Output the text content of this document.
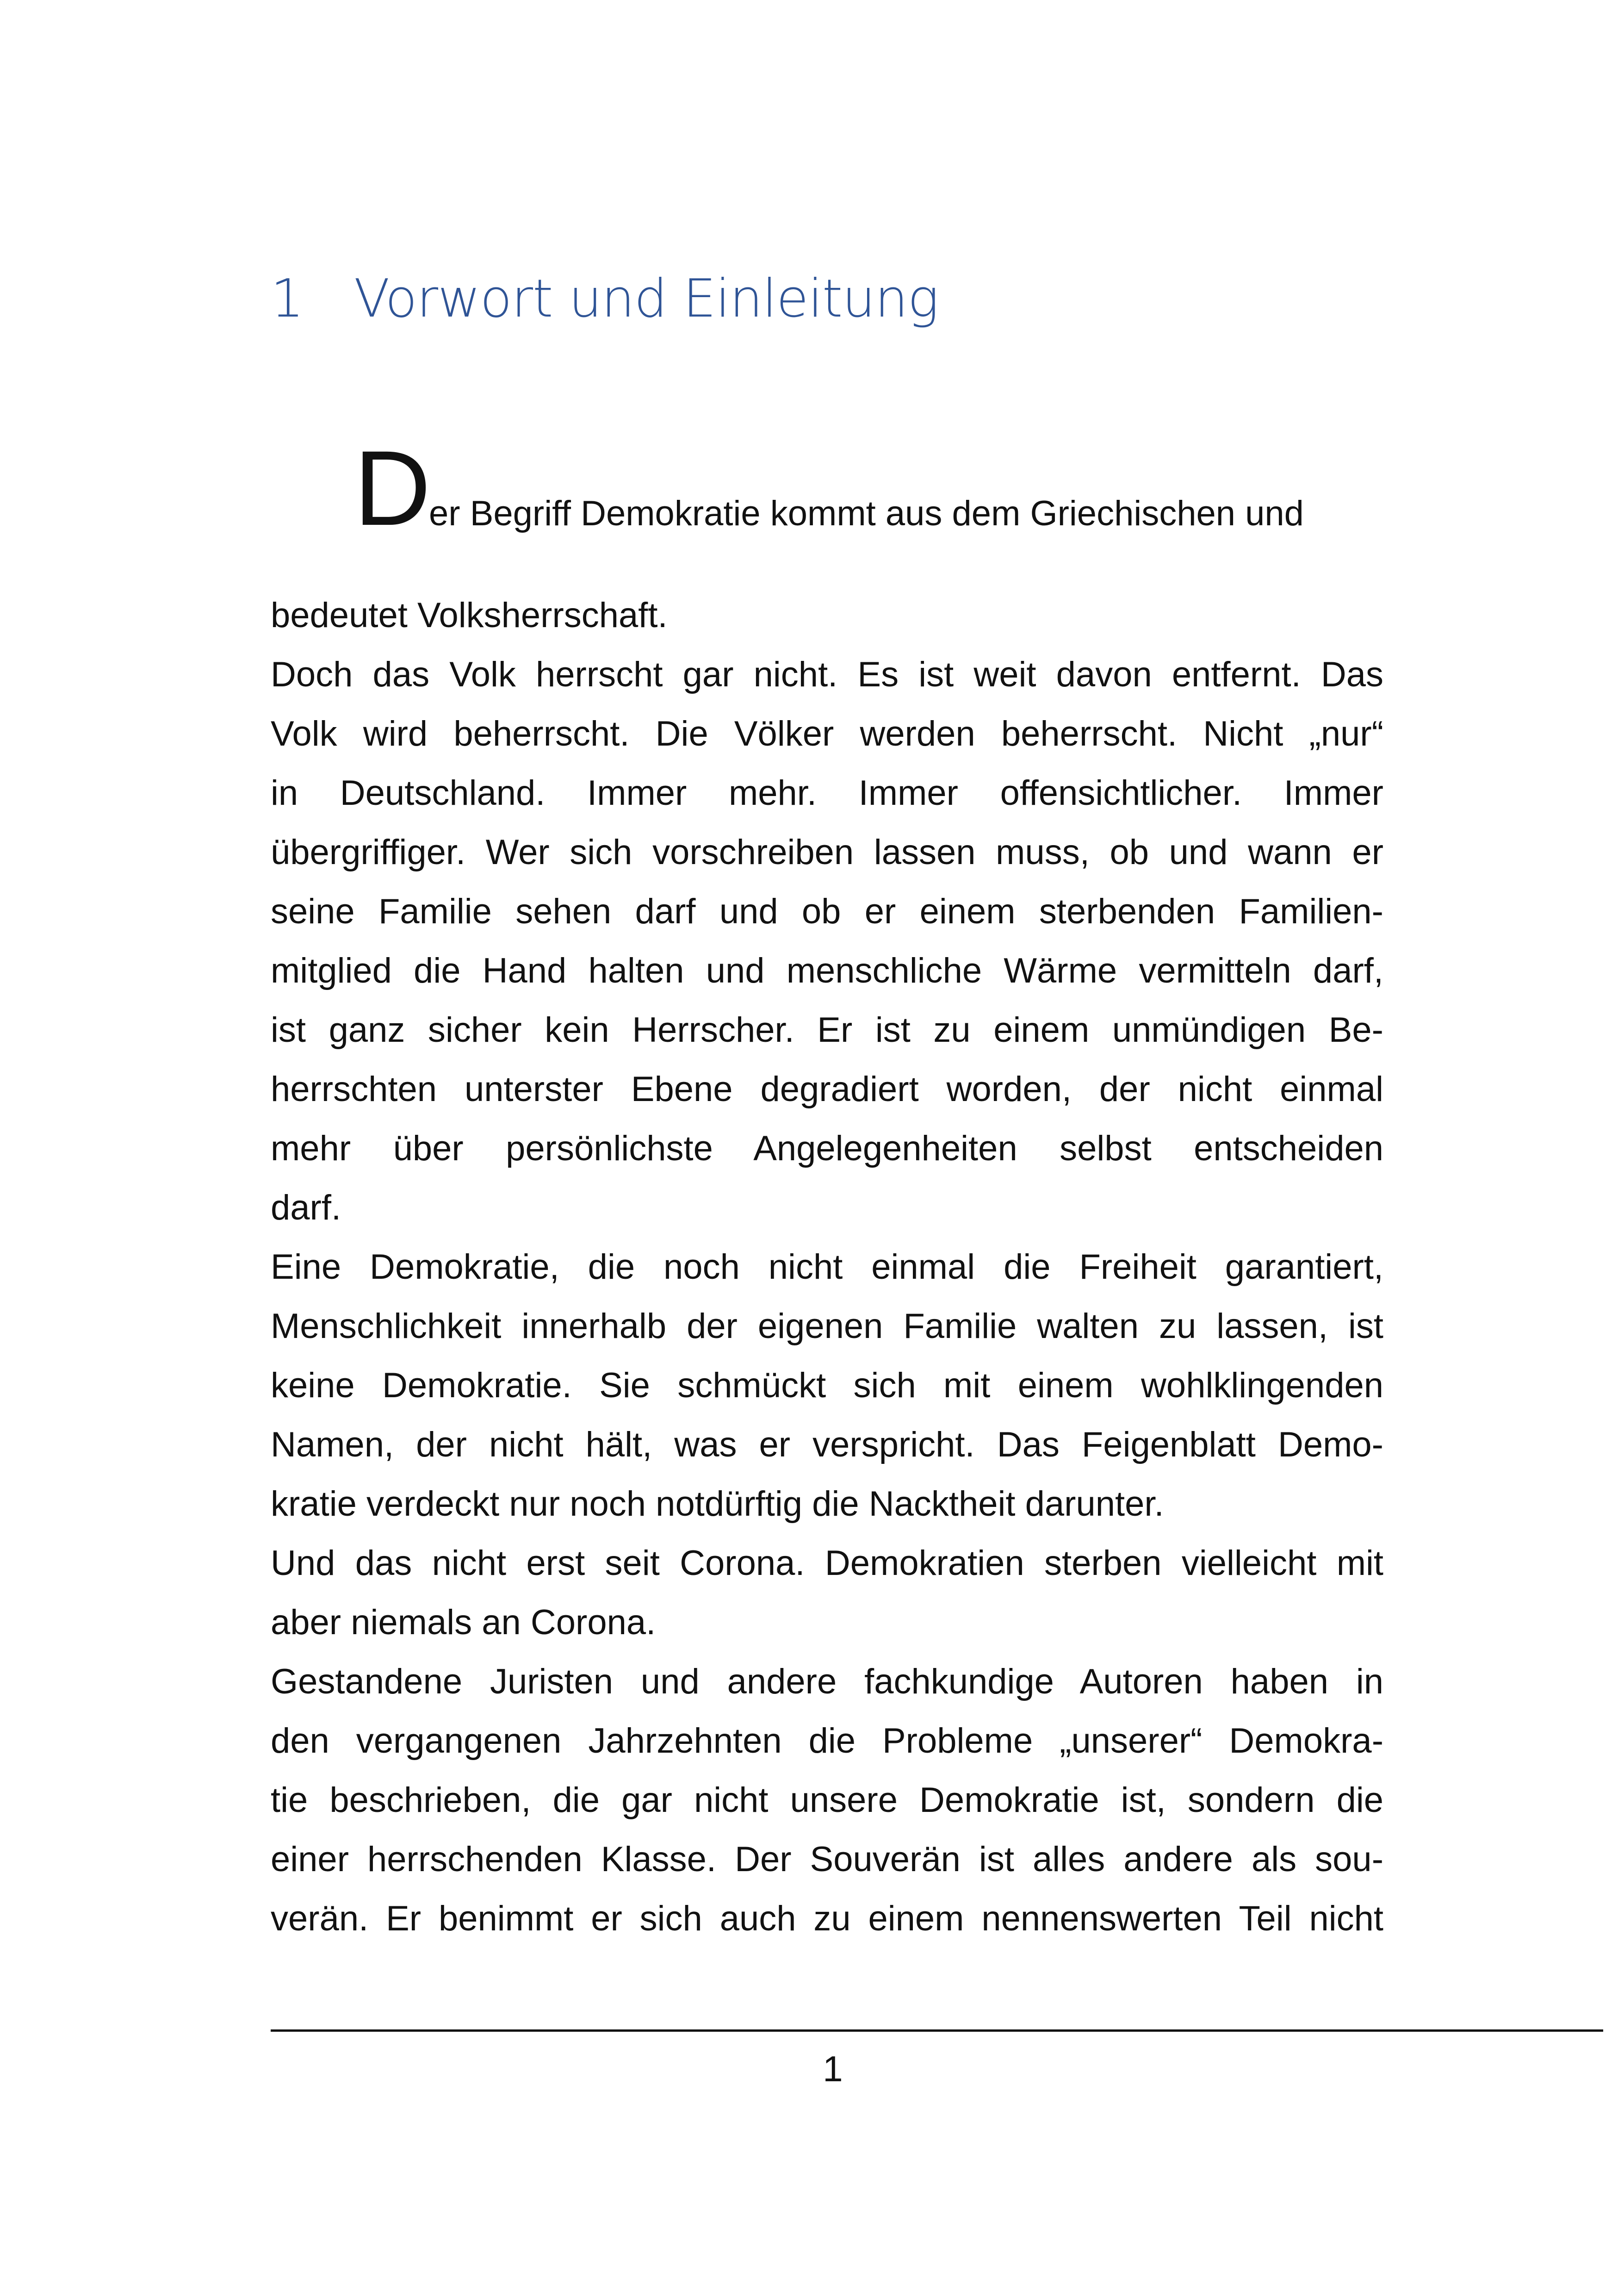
1 Vorwort und Einleitung
D
er Begriff Demokratie kommt aus dem Griechischen und
bedeutet Volksherrschaft.
Doch das Volk herrscht gar nicht. Es ist weit davon entfernt. Das
Volk wird beherrscht. Die Völker werden beherrscht. Nicht „nur“
in Deutschland. Immer mehr. Immer offensichtlicher. Immer
übergriffiger. Wer sich vorschreiben lassen muss, ob und wann er
seine Familie sehen darf und ob er einem sterbenden Familien-
mitglied die Hand halten und menschliche Wärme vermitteln darf,
ist ganz sicher kein Herrscher. Er ist zu einem unmündigen Be-
herrschten unterster Ebene degradiert worden, der nicht einmal
mehr über persönlichste Angelegenheiten selbst entscheiden
darf.
Eine Demokratie, die noch nicht einmal die Freiheit garantiert,
Menschlichkeit innerhalb der eigenen Familie walten zu lassen, ist
keine Demokratie. Sie schmückt sich mit einem wohlklingenden
Namen, der nicht hält, was er verspricht. Das Feigenblatt Demo-
kratie verdeckt nur noch notdürftig die Nacktheit darunter.
Und das nicht erst seit Corona. Demokratien sterben vielleicht mit
aber niemals an Corona.
Gestandene Juristen und andere fachkundige Autoren haben in
den vergangenen Jahrzehnten die Probleme „unserer“ Demokra-
tie beschrieben, die gar nicht unsere Demokratie ist, sondern die
einer herrschenden Klasse. Der Souverän ist alles andere als sou-
verän. Er benimmt er sich auch zu einem nennenswerten Teil nicht
1
